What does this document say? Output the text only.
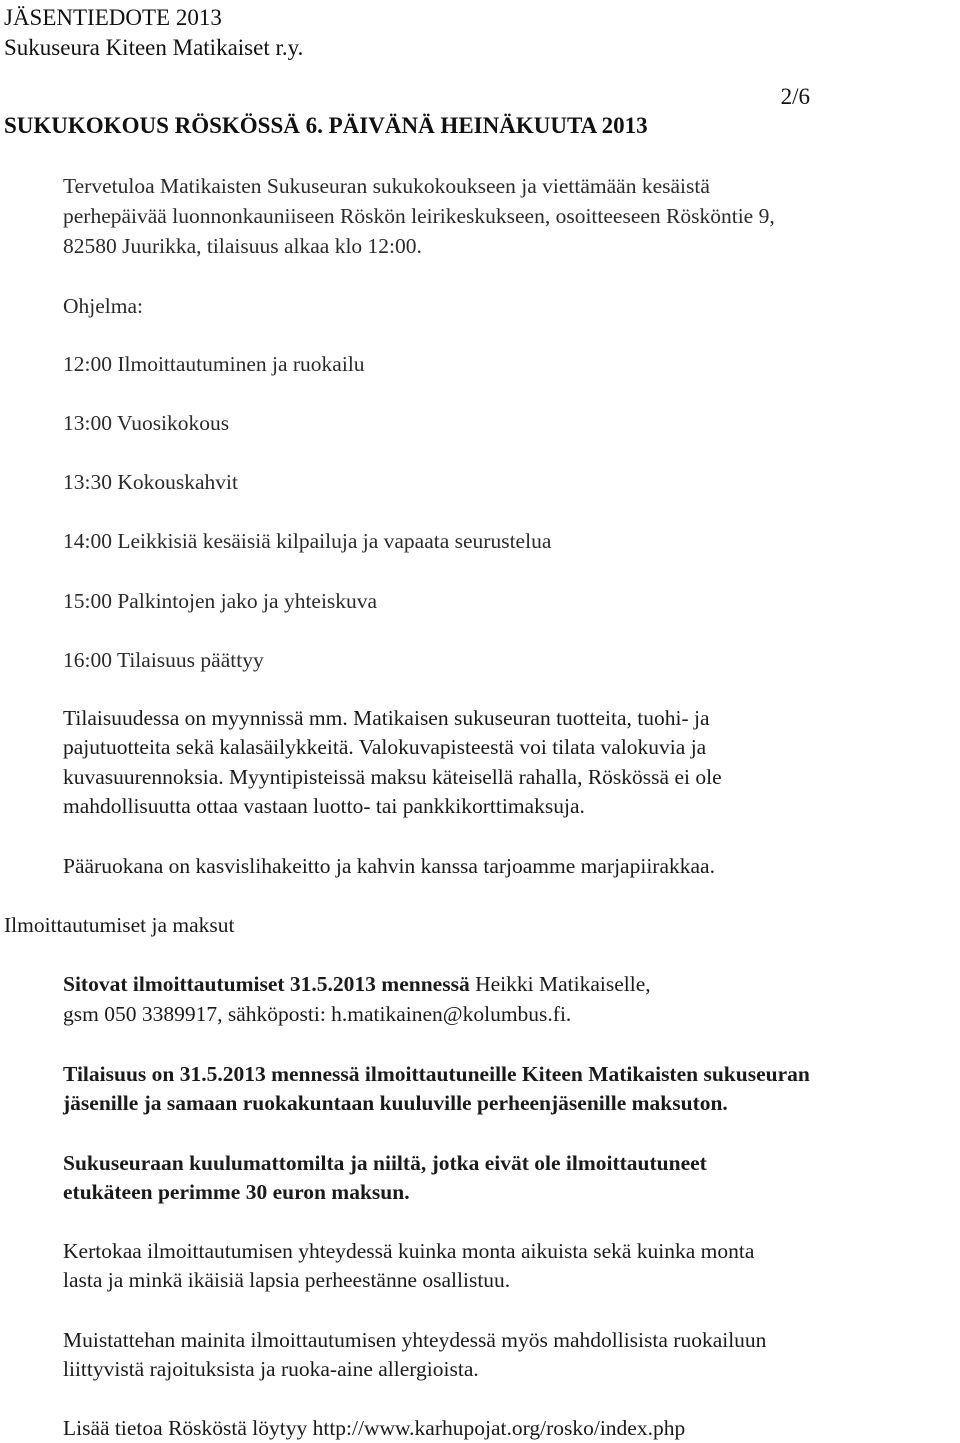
JÄSENTIEDOTE 2013
Sukuseura Kiteen Matikaiset r.y.
2/6
SUKUKOKOUS RÖSKÖSSÄ 6. PÄIVÄNÄ HEINÄKUUTA 2013
Tervetuloa Matikaisten Sukuseuran sukukokoukseen ja viettämään kesäistä
perhepäivää luonnonkauniiseen Röskön leirikeskukseen, osoitteeseen Rösköntie 9,
82580 Juurikka, tilaisuus alkaa klo 12:00.
Ohjelma:
12:00 Ilmoittautuminen ja ruokailu
13:00 Vuosikokous
13:30 Kokouskahvit
14:00 Leikkisiä kesäisiä kilpailuja ja vapaata seurustelua
15:00 Palkintojen jako ja yhteiskuva
16:00 Tilaisuus päättyy
Tilaisuudessa on myynnissä mm. Matikaisen sukuseuran tuotteita, tuohi- ja
pajutuotteita sekä kalasäilykkeitä. Valokuvapisteestä voi tilata valokuvia ja
kuvasuurennoksia. Myyntipisteissä maksu käteisellä rahalla, Röskössä ei ole
mahdollisuutta ottaa vastaan luotto- tai pankkikorttimaksuja.
Pääruokana on kasvislihakeitto ja kahvin kanssa tarjoamme marjapiirakkaa.
Ilmoittautumiset ja maksut
Sitovat ilmoittautumiset 31.5.2013 mennessä Heikki Matikaiselle,
gsm 050 3389917, sähköposti: h.matikainen@kolumbus.fi.
Tilaisuus on 31.5.2013 mennessä ilmoittautuneille Kiteen Matikaisten sukuseuran
jäsenille ja samaan ruokakuntaan kuuluville perheenjäsenille maksuton.
Sukuseuraan kuulumattomilta ja niiltä, jotka eivät ole ilmoittautuneet
etukäteen perimme 30 euron maksun.
Kertokaa ilmoittautumisen yhteydessä kuinka monta aikuista sekä kuinka monta
lasta ja minkä ikäisiä lapsia perheestänne osallistuu.
Muistattehan mainita ilmoittautumisen yhteydessä myös mahdollisista ruokailuun
liittyvistä rajoituksista ja ruoka-aine allergioista.
Lisää tietoa Rösköstä löytyy http://www.karhupojat.org/rosko/index.php
